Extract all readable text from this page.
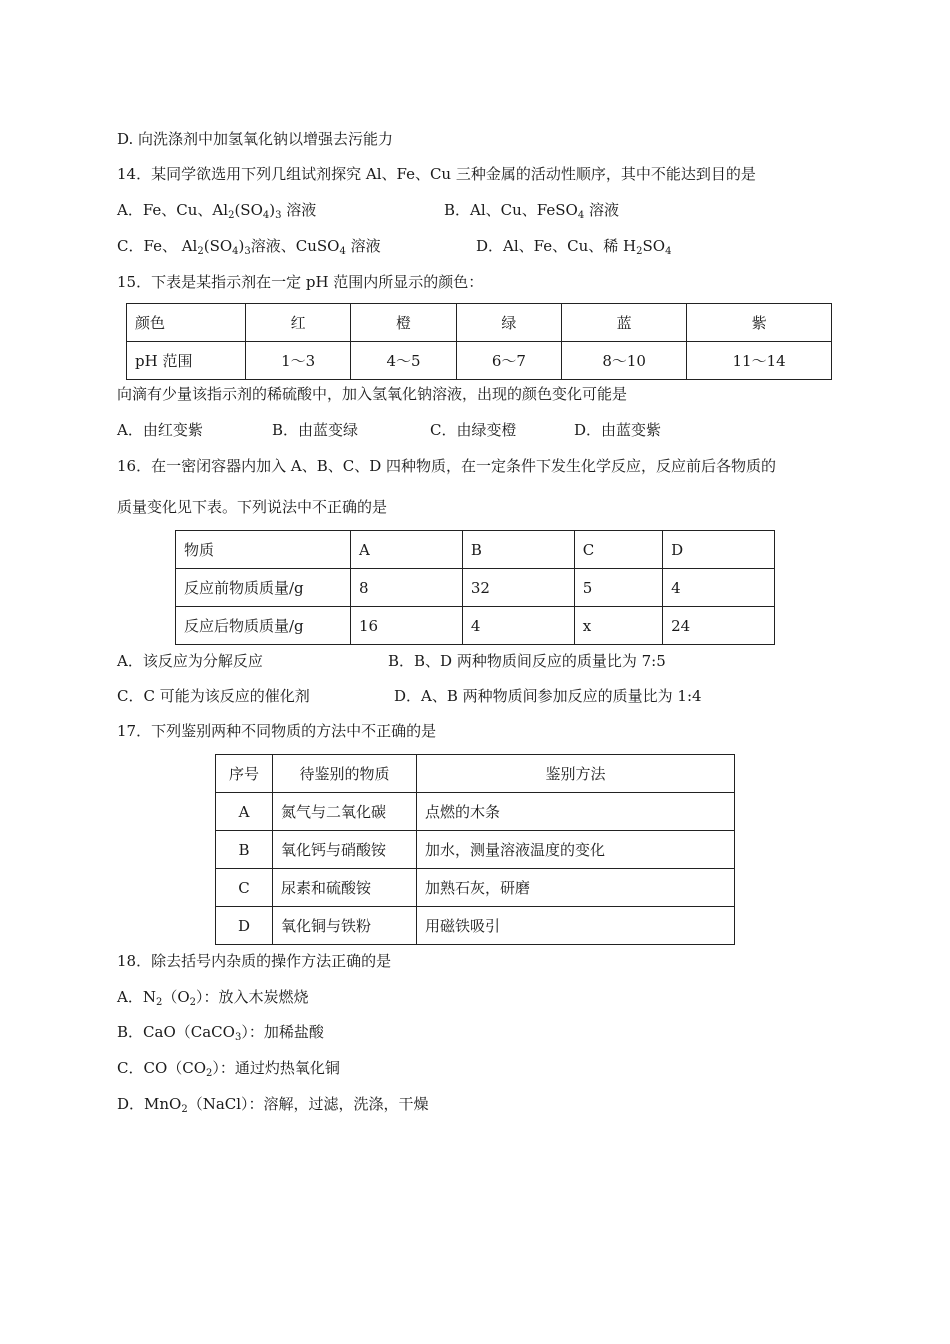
D. 向洗涤剂中加氢氧化钠以增强去污能力
14．某同学欲选用下列几组试剂探究 Al、Fe、Cu 三种金属的活动性顺序，其中不能达到目的是
A．Fe、Cu、$Al_2(SO_4)_3$ 溶液	B．Al、Cu、FeSO$_4$ 溶液
C．Fe、 $Al_2(SO_4)_3$溶液、CuSO$_4$ 溶液	D．Al、Fe、Cu、稀 $H_2SO_4$
15．下表是某指示剂在一定 pH 范围内所显示的颜色：
颜色	红	橙	绿	蓝	紫
pH 范围	1～3	4～5	6～7	8～10	11～14
向滴有少量该指示剂的稀硫酸中，加入氢氧化钠溶液，出现的颜色变化可能是
A．由红变紫	B．由蓝变绿	C．由绿变橙	D．由蓝变紫
16．在一密闭容器内加入 A、B、C、D 四种物质，在一定条件下发生化学反应，反应前后各物质的
质量变化见下表。下列说法中不正确的是
物质	A	B	C	D
反应前物质质量/g	8	32	5	4
反应后物质质量/g	16	4	x	24
A．该反应为分解反应	B．B、D 两种物质间反应的质量比为 7:5
C．C 可能为该反应的催化剂	D．A、B 两种物质间参加反应的质量比为 1:4
17．下列鉴别两种不同物质的方法中不正确的是
序号	待鉴别的物质	鉴别方法
A	氮气与二氧化碳	点燃的木条
B	氧化钙与硝酸铵	加水，测量溶液温度的变化
C	尿素和硫酸铵	加熟石灰，研磨
D	氧化铜与铁粉	用磁铁吸引
18．除去括号内杂质的操作方法正确的是
A．$N_2(O_2)$：放入木炭燃烧
B．CaO（CaCO$_3$）：加稀盐酸
C．$CO(CO_2)$：通过灼热氧化铜
D．MnO$_2$（NaCl）：溶解，过滤，洗涤，干燥
